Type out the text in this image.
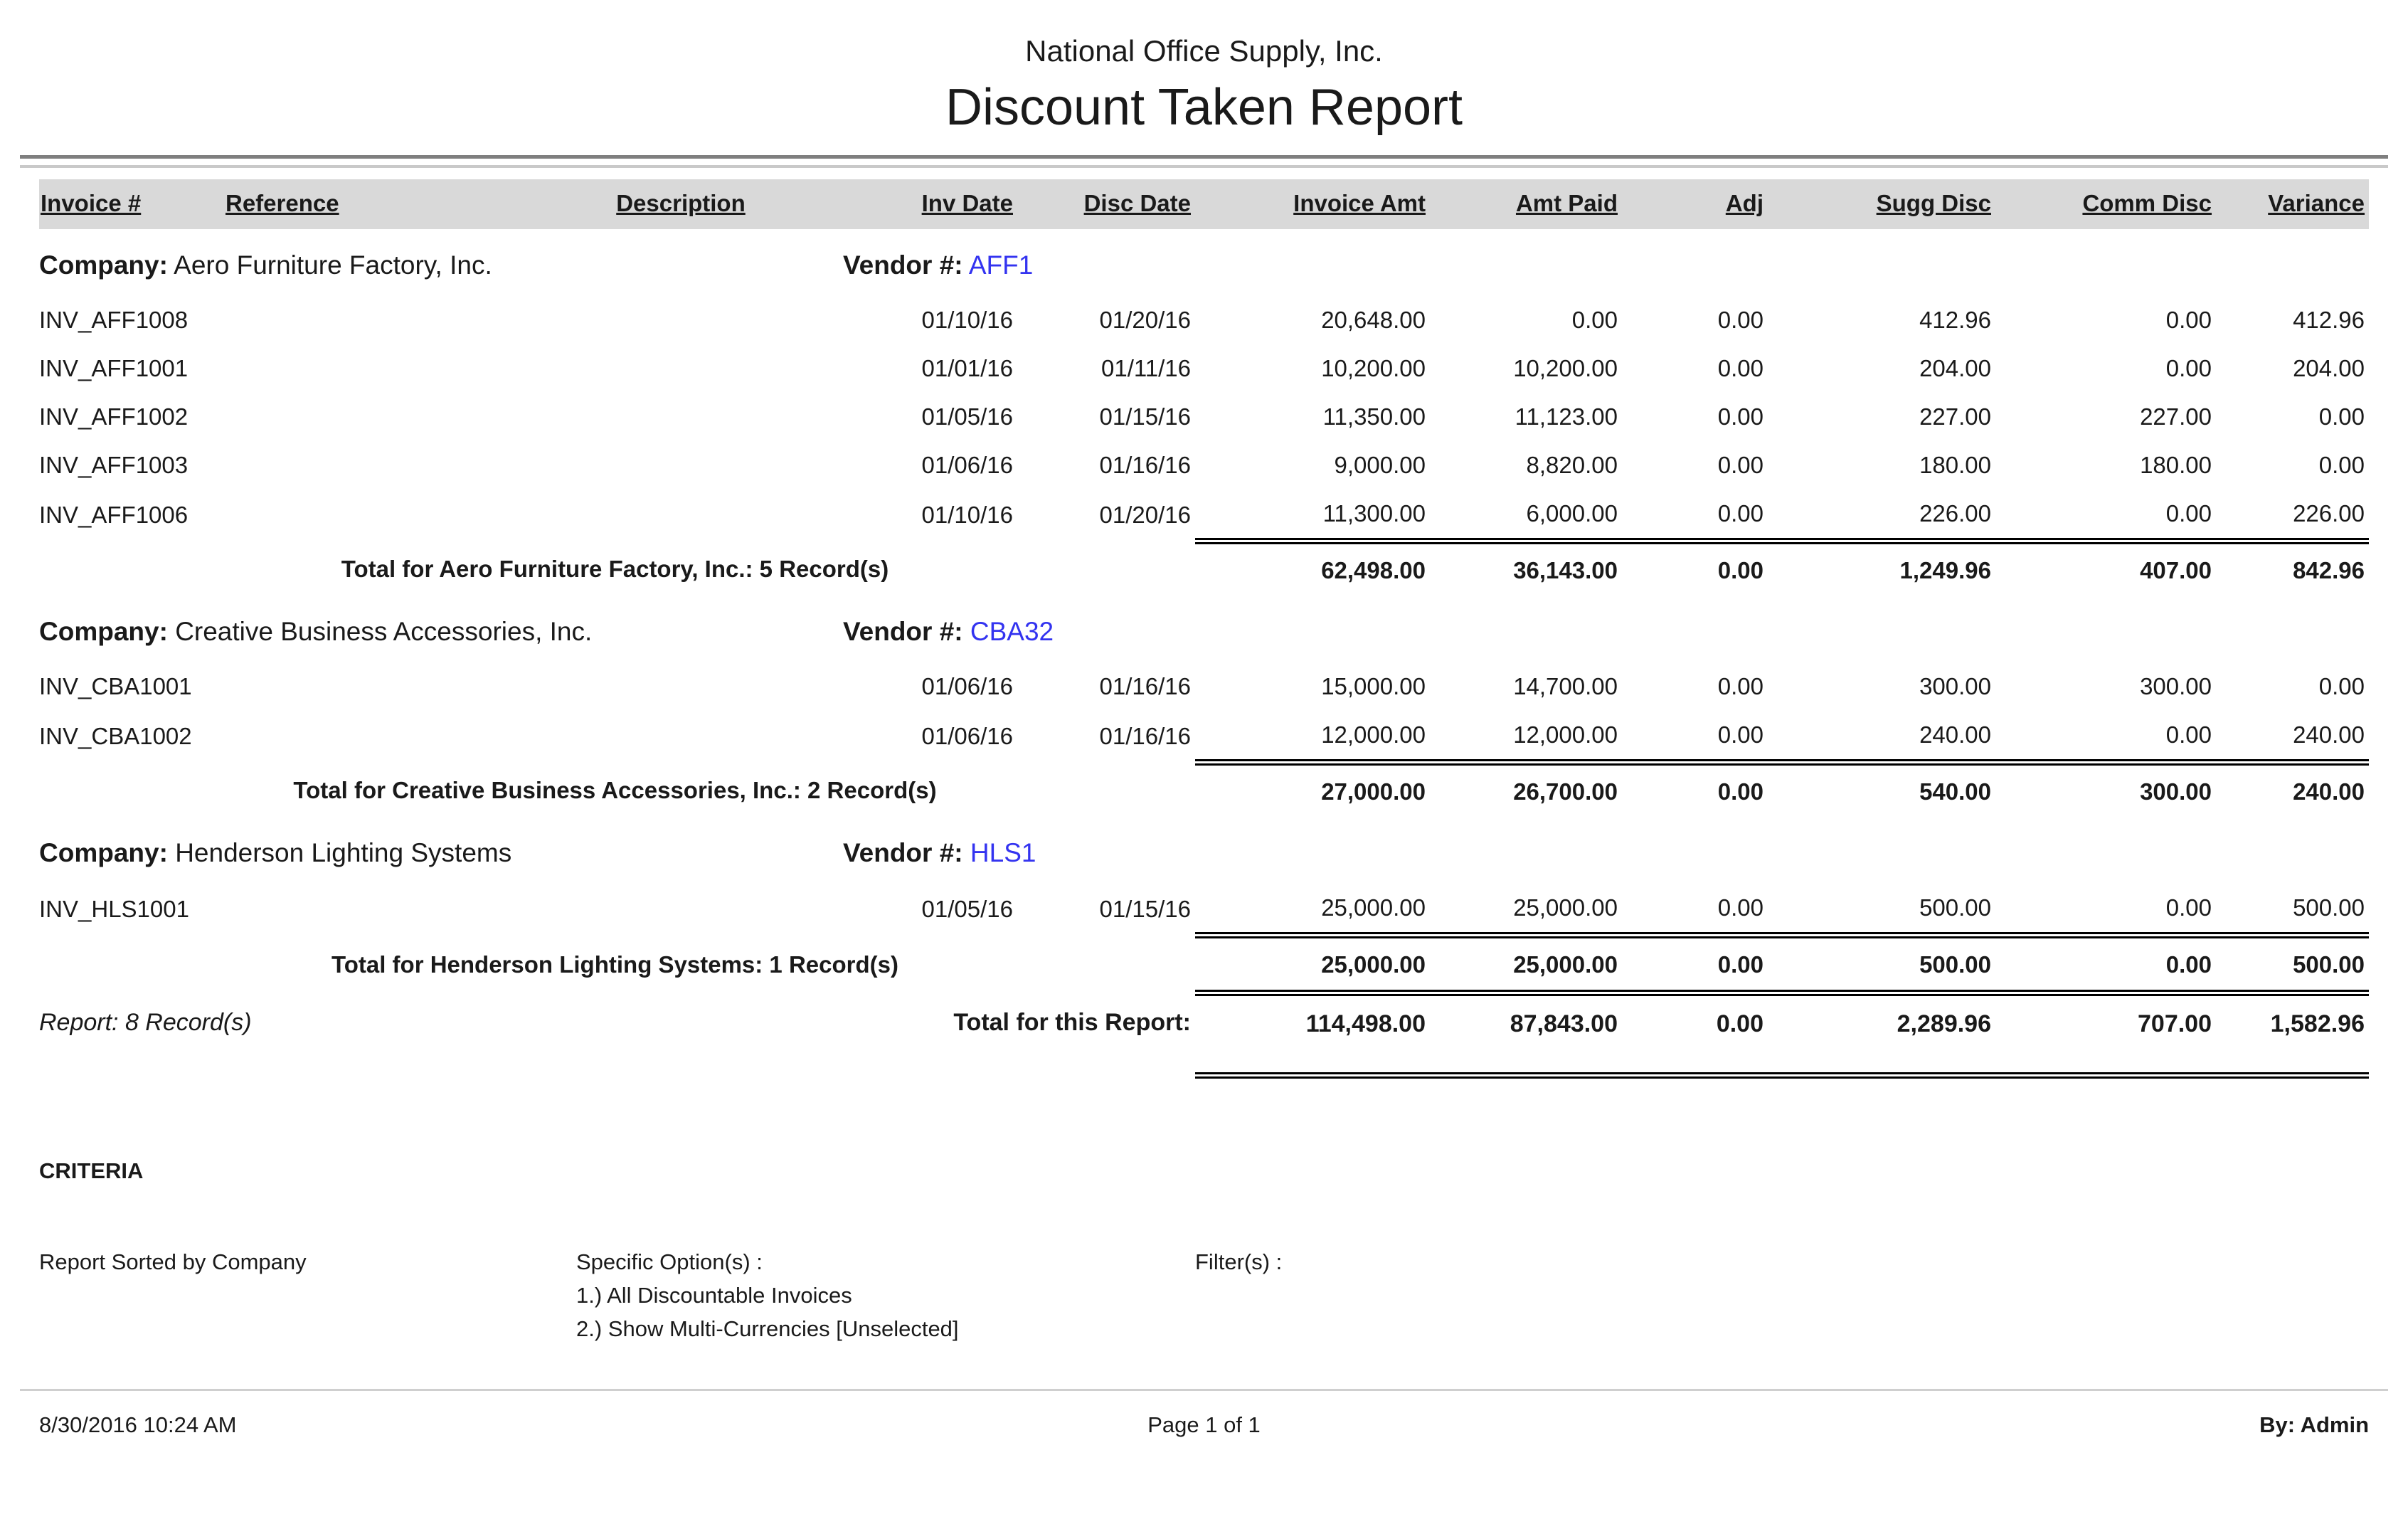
National Office Supply, Inc.
Discount Taken Report
Invoice #	Reference	Description	Inv Date	Disc Date	Invoice Amt	Amt Paid	Adj	Sugg Disc	Comm Disc	Variance
Company: Aero Furniture Factory, Inc.			Vendor #: AFF1							
INV_AFF1008			01/10/16	01/20/16	20,648.00	0.00	0.00	412.96	0.00	412.96
INV_AFF1001			01/01/16	01/11/16	10,200.00	10,200.00	0.00	204.00	0.00	204.00
INV_AFF1002			01/05/16	01/15/16	11,350.00	11,123.00	0.00	227.00	227.00	0.00
INV_AFF1003			01/06/16	01/16/16	9,000.00	8,820.00	0.00	180.00	180.00	0.00
INV_AFF1006			01/10/16	01/20/16	11,300.00	6,000.00	0.00	226.00	0.00	226.00
Total for Aero Furniture Factory, Inc.: 5 Record(s)					62,498.00	36,143.00	0.00	1,249.96	407.00	842.96
Company: Creative Business Accessories, Inc.			Vendor #: CBA32							
INV_CBA1001			01/06/16	01/16/16	15,000.00	14,700.00	0.00	300.00	300.00	0.00
INV_CBA1002			01/06/16	01/16/16	12,000.00	12,000.00	0.00	240.00	0.00	240.00
Total for Creative Business Accessories, Inc.: 2 Record(s)					27,000.00	26,700.00	0.00	540.00	300.00	240.00
Company: Henderson Lighting Systems			Vendor #: HLS1							
INV_HLS1001			01/05/16	01/15/16	25,000.00	25,000.00	0.00	500.00	0.00	500.00
Total for Henderson Lighting Systems: 1 Record(s)					25,000.00	25,000.00	0.00	500.00	0.00	500.00
Report: 8 Record(s)		Total for this Report:			114,498.00	87,843.00	0.00	2,289.96	707.00	1,582.96

CRITERIA
Report Sorted by Company	Specific Option(s) :
1.) All Discountable Invoices
2.) Show Multi-Currencies [Unselected]
Filter(s) :
8/30/2016 10:24 AM	Page 1 of 1	By: Admin
